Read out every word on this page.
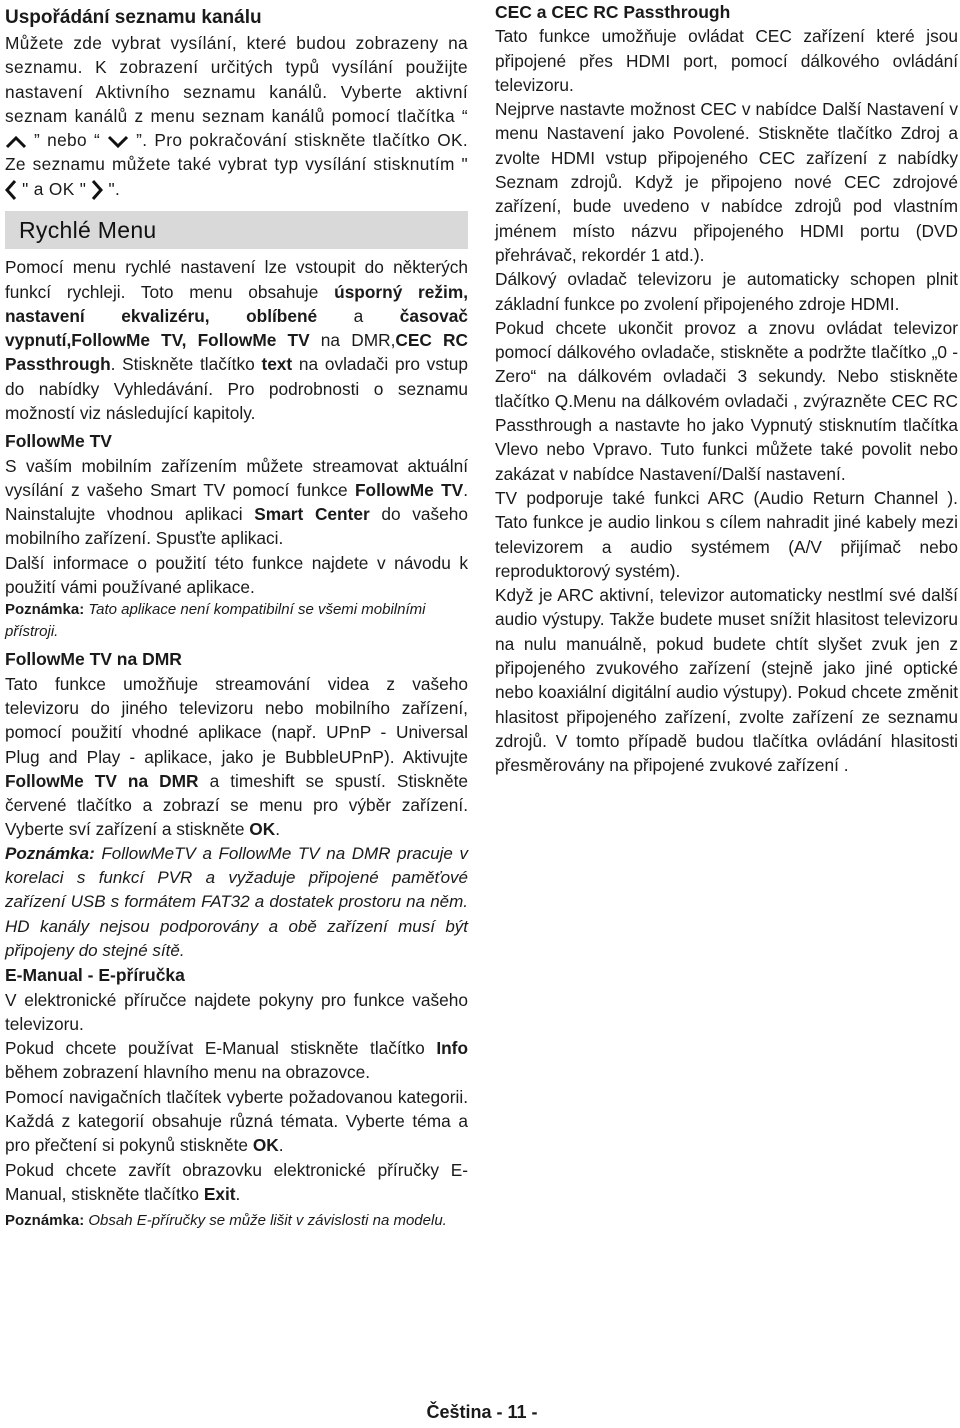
Uspořádání seznamu kanálu

Můžete zde vybrat vysílání, které budou zobrazeny na seznamu. K zobrazení určitých typů vysílání použijte nastavení Aktivního seznamu kanálů. Vyberte aktivní seznam kanálů z menu seznam kanálů pomocí tlačítka “  ” nebo “ ”. Pro pokračování stiskněte tlačítko OK. Ze seznamu můžete také vybrat typ vysílání stisknutím "  " a OK " ".

Rychlé Menu

Pomocí menu rychlé nastavení lze vstoupit do některých funkcí rychleji. Toto menu obsahuje úsporný režim, nastavení ekvalizéru, oblíbené a časovač vypnutí,FollowMe TV, FollowMe TV na DMR,CEC RC Passthrough. Stiskněte tlačítko text na ovladači pro vstup do nabídky Vyhledávání. Pro podrobnosti o seznamu možností viz následující kapitoly.

FollowMe TV

S vaším mobilním zařízením můžete streamovat aktuální vysílání z vašeho Smart TV pomocí funkce FollowMe TV. Nainstalujte vhodnou aplikaci Smart Center do vašeho mobilního zařízení. Spusťte aplikaci.

Další informace o použití této funkce najdete v návodu k použití vámi používané aplikace.

Poznámka: Tato aplikace není kompatibilní se všemi mobilními přístroji.

FollowMe TV na DMR

Tato funkce umožňuje streamování videa z vašeho televizoru do jiného televizoru nebo mobilního zařízení, pomocí použití vhodné aplikace (např. UPnP - Universal Plug and Play - aplikace, jako je BubbleUPnP). Aktivujte FollowMe TV na DMR a timeshift se spustí. Stiskněte červené tlačítko a zobrazí se menu pro výběr zařízení. Vyberte sví zařízení a stiskněte OK.

Poznámka: FollowMeTV a FollowMe TV na DMR pracuje v korelaci s funkcí PVR a vyžaduje připojené paměťové zařízení USB s formátem FAT32 a dostatek prostoru na něm. HD kanály nejsou podporovány a obě zařízení musí být připojeny do stejné sítě.

E-Manual - E-příručka

V elektronické příručce najdete pokyny pro funkce vašeho televizoru.

Pokud chcete používat E-Manual stiskněte tlačítko Info během zobrazení hlavního menu na obrazovce.

Pomocí navigačních tlačítek vyberte požadovanou kategorii. Každá z kategorií obsahuje různá témata. Vyberte téma a pro přečtení si pokynů stiskněte OK.

Pokud chcete zavřít obrazovku elektronické příručky E-Manual, stiskněte tlačítko Exit.

Poznámka: Obsah E-příručky se může lišit v závislosti na modelu.

CEC a CEC RC Passthrough

Tato funkce umožňuje ovládat CEC zařízení které jsou připojené přes HDMI port, pomocí dálkového ovládání televizoru.

Nejprve nastavte možnost CEC v nabídce Další Nastavení v menu Nastavení jako Povolené. Stiskněte tlačítko Zdroj a zvolte HDMI vstup připojeného CEC zařízení z nabídky Seznam zdrojů. Když je připojeno nové CEC zdrojové zařízení, bude uvedeno v nabídce zdrojů pod vlastním jménem místo názvu připojeného HDMI portu (DVD přehrávač, rekordér 1 atd.).

Dálkový ovladač televizoru je automaticky schopen plnit základní funkce po zvolení připojeného zdroje HDMI.

Pokud chcete ukončit provoz a znovu ovládat televizor pomocí dálkového ovladače, stiskněte a podržte tlačítko „0 - Zero“ na dálkovém ovladači 3 sekundy. Nebo stiskněte tlačítko Q.Menu na dálkovém ovladači , zvýrazněte CEC RC Passthrough a nastavte ho jako Vypnutý stisknutím tlačítka Vlevo nebo Vpravo. Tuto funkci můžete také povolit nebo zakázat v nabídce Nastavení/Další nastavení.

TV podporuje také funkci ARC (Audio Return Channel ). Tato funkce je audio linkou s cílem nahradit jiné kabely mezi televizorem a audio systémem (A/V přijímač nebo reproduktorový systém).

Když je ARC aktivní, televizor automaticky nestlmí své další audio výstupy. Takže budete muset snížit hlasitost televizoru na nulu manuálně, pokud budete chtít slyšet zvuk jen z připojeného zvukového zařízení (stejně jako jiné optické nebo koaxiální digitální audio výstupy). Pokud chcete změnit hlasitost připojeného zařízení, zvolte zařízení ze seznamu zdrojů. V tomto případě budou tlačítka ovládání hlasitosti přesměrovány na připojené zvukové zařízení .

Čeština - 11 -
